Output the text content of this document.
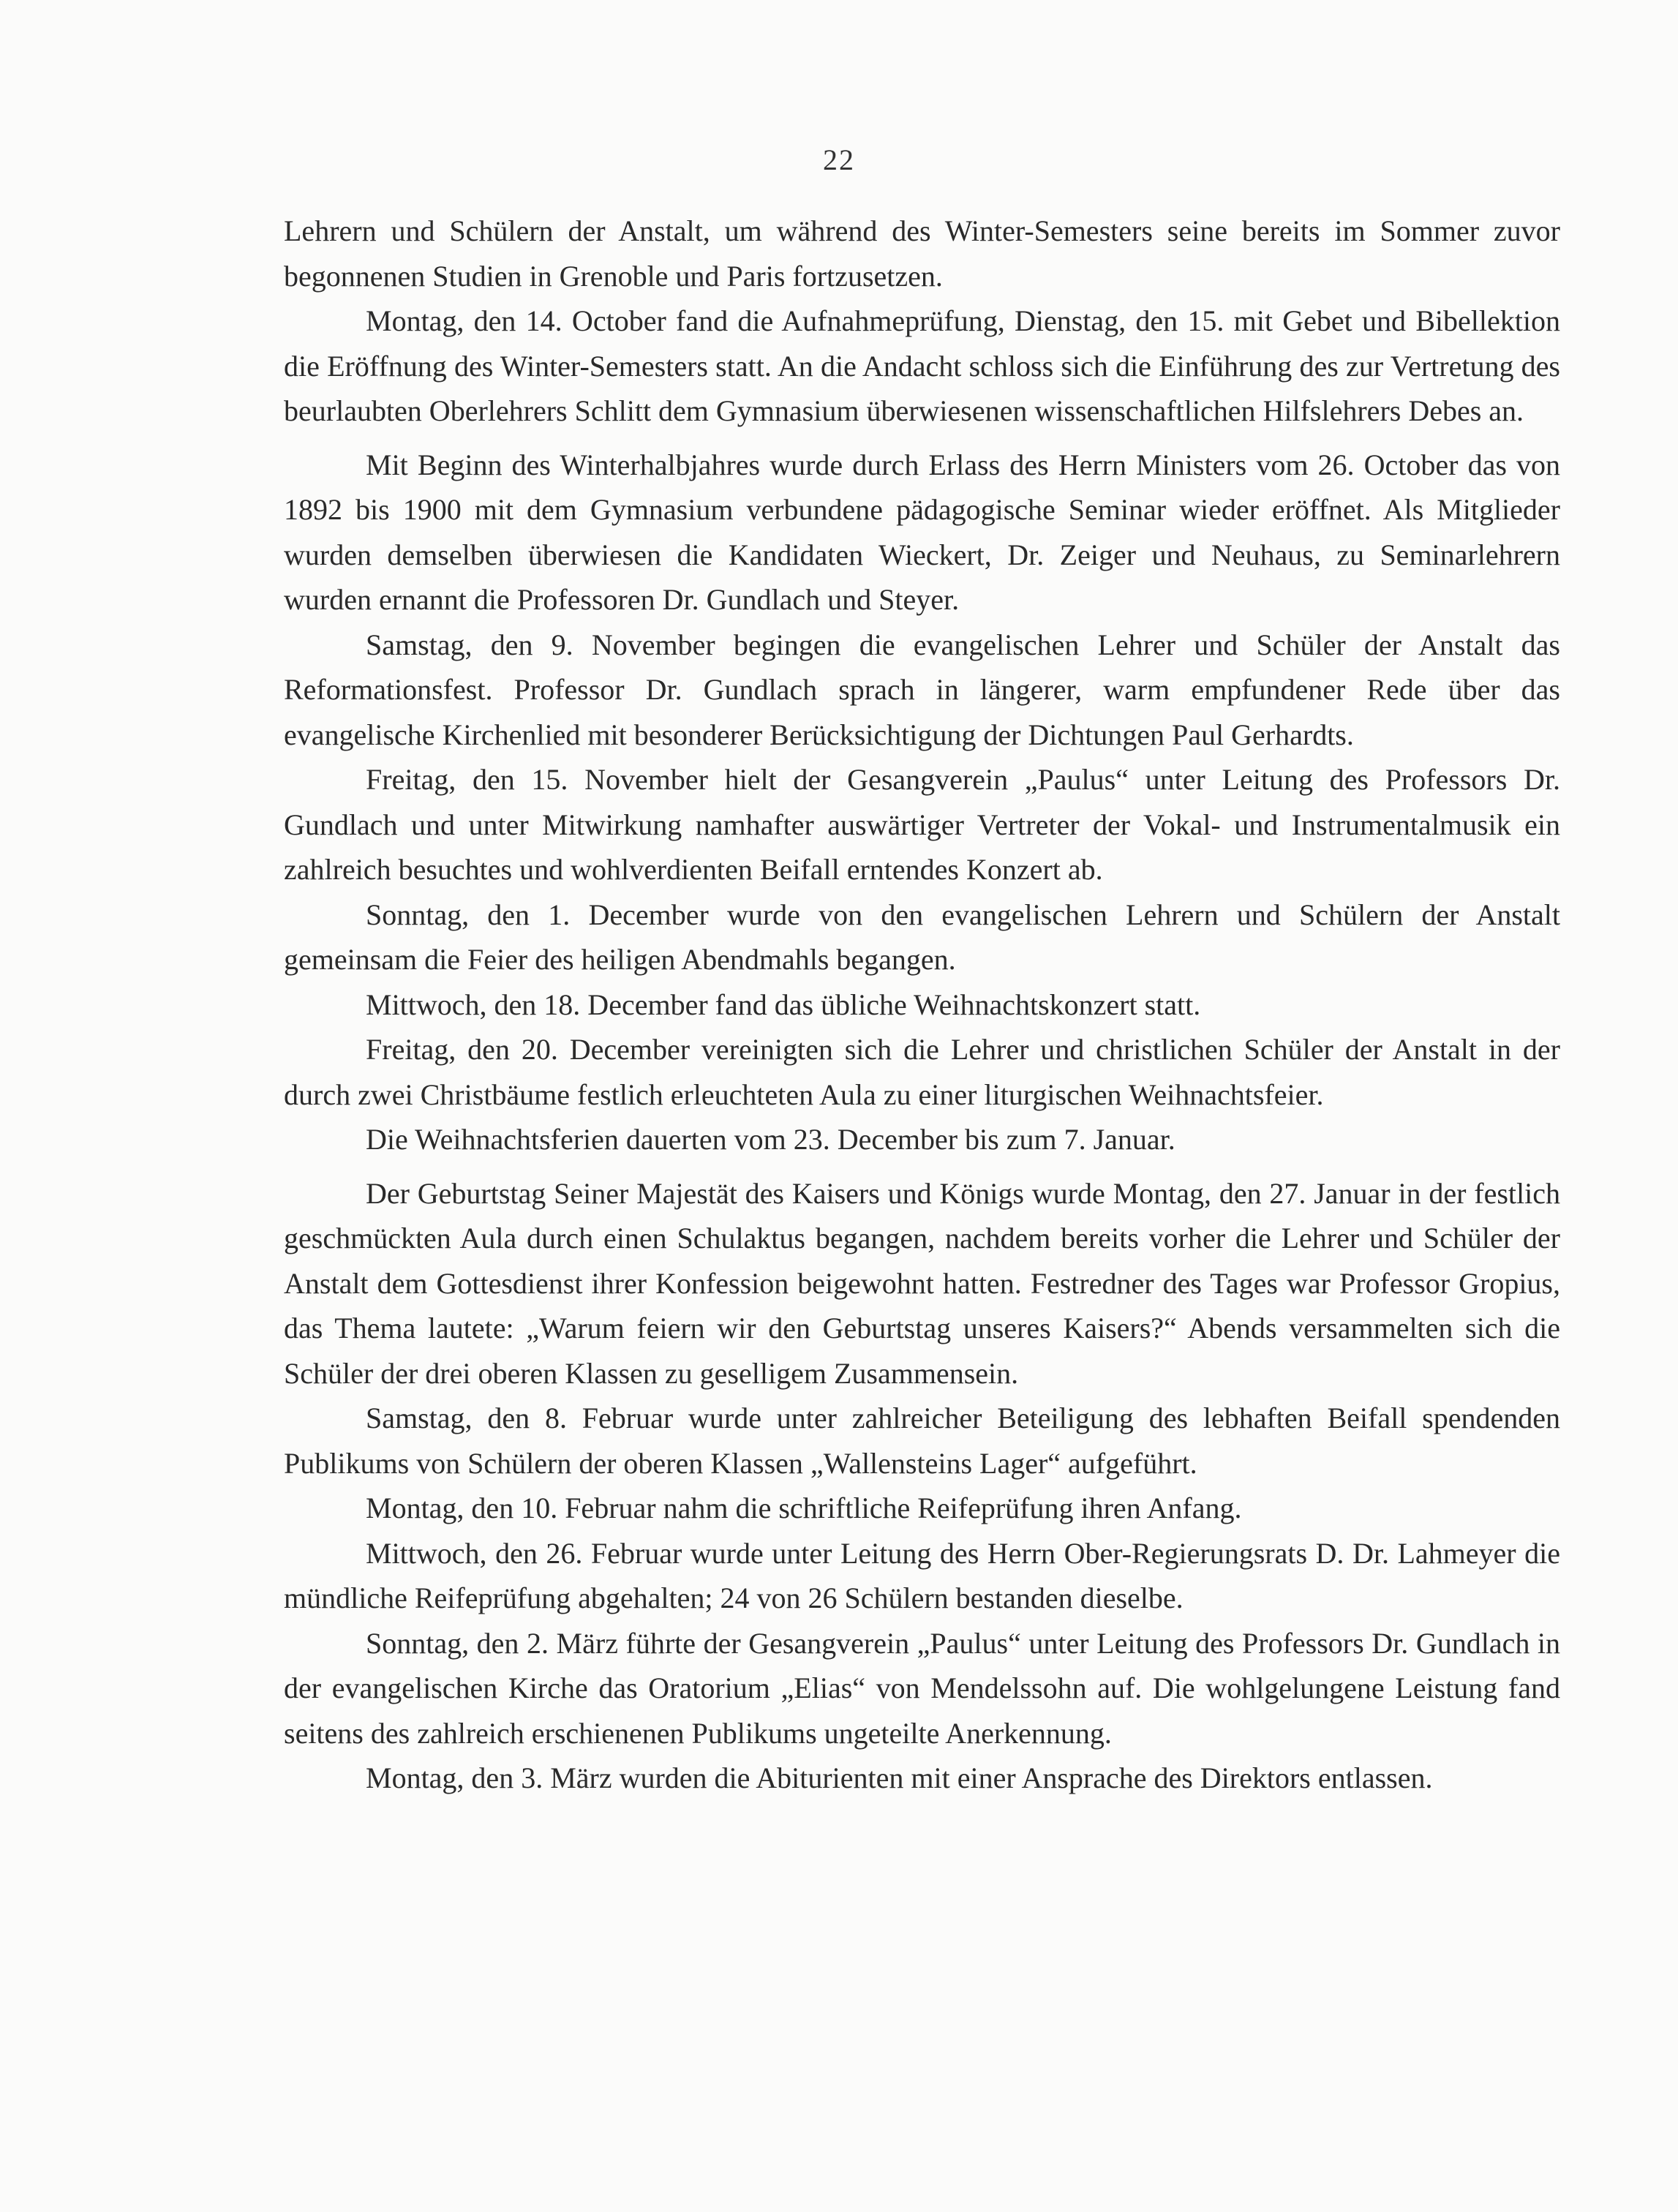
22

Lehrern und Schülern der Anstalt, um während des Winter-Semesters seine bereits im Sommer zuvor begonnenen Studien in Grenoble und Paris fortzusetzen.

Montag, den 14. October fand die Aufnahmeprüfung, Dienstag, den 15. mit Gebet und Bibellektion die Eröffnung des Winter-Semesters statt. An die Andacht schloss sich die Einführung des zur Vertretung des beurlaubten Oberlehrers Schlitt dem Gymnasium überwiesenen wissenschaftlichen Hilfslehrers Debes an.

Mit Beginn des Winterhalbjahres wurde durch Erlass des Herrn Ministers vom 26. October das von 1892 bis 1900 mit dem Gymnasium verbundene pädagogische Seminar wieder eröffnet. Als Mitglieder wurden demselben überwiesen die Kandidaten Wieckert, Dr. Zeiger und Neuhaus, zu Seminarlehrern wurden ernannt die Professoren Dr. Gundlach und Steyer.

Samstag, den 9. November begingen die evangelischen Lehrer und Schüler der Anstalt das Reformationsfest. Professor Dr. Gundlach sprach in längerer, warm empfundener Rede über das evangelische Kirchenlied mit besonderer Berücksichtigung der Dichtungen Paul Gerhardts.

Freitag, den 15. November hielt der Gesangverein „Paulus“ unter Leitung des Professors Dr. Gundlach und unter Mitwirkung namhafter auswärtiger Vertreter der Vokal- und Instrumentalmusik ein zahlreich besuchtes und wohlverdienten Beifall erntendes Konzert ab.

Sonntag, den 1. December wurde von den evangelischen Lehrern und Schülern der Anstalt gemeinsam die Feier des heiligen Abendmahls begangen.

Mittwoch, den 18. December fand das übliche Weihnachtskonzert statt.

Freitag, den 20. December vereinigten sich die Lehrer und christlichen Schüler der Anstalt in der durch zwei Christbäume festlich erleuchteten Aula zu einer liturgischen Weihnachtsfeier.

Die Weihnachtsferien dauerten vom 23. December bis zum 7. Januar.

Der Geburtstag Seiner Majestät des Kaisers und Königs wurde Montag, den 27. Januar in der festlich geschmückten Aula durch einen Schulaktus begangen, nachdem bereits vorher die Lehrer und Schüler der Anstalt dem Gottesdienst ihrer Konfession beigewohnt hatten. Festredner des Tages war Professor Gropius, das Thema lautete: „Warum feiern wir den Geburtstag unseres Kaisers?“ Abends versammelten sich die Schüler der drei oberen Klassen zu geselligem Zusammensein.

Samstag, den 8. Februar wurde unter zahlreicher Beteiligung des lebhaften Beifall spendenden Publikums von Schülern der oberen Klassen „Wallensteins Lager“ aufgeführt.

Montag, den 10. Februar nahm die schriftliche Reifeprüfung ihren Anfang.

Mittwoch, den 26. Februar wurde unter Leitung des Herrn Ober-Regierungsrats D. Dr. Lahmeyer die mündliche Reifeprüfung abgehalten; 24 von 26 Schülern bestanden dieselbe.

Sonntag, den 2. März führte der Gesangverein „Paulus“ unter Leitung des Professors Dr. Gundlach in der evangelischen Kirche das Oratorium „Elias“ von Mendelssohn auf. Die wohlgelungene Leistung fand seitens des zahlreich erschienenen Publikums ungeteilte Anerkennung.

Montag, den 3. März wurden die Abiturienten mit einer Ansprache des Direktors entlassen.
